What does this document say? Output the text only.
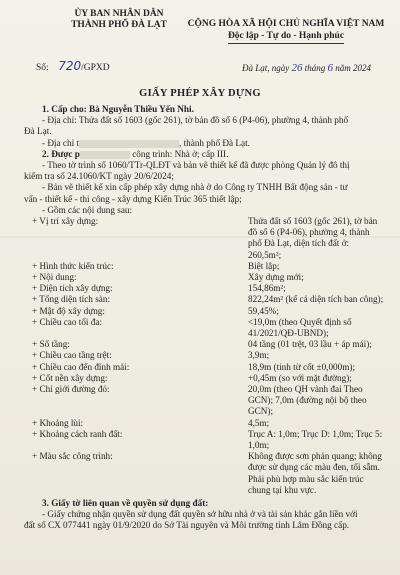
ỦY BAN NHÂN DÂN
THÀNH PHỐ ĐÀ LẠT	CỘNG HÒA XÃ HỘI CHỦ NGHĨA VIỆT NAM
Độc lập - Tự do - Hạnh phúc
Số: 720/GPXD	Đà Lạt, ngày 26 tháng 6 năm 2024
GIẤY PHÉP XÂY DỰNG
1. Cấp cho: Bà Nguyễn Thiều Yến Nhi.
- Địa chỉ: Thửa đất số 1603 (gốc 261), tờ bản đồ số 6 (P4-06), phường 4, thành phố
Đà Lạt.
- Địa chỉ t	, thành phố Đà Lạt.
2. Được p	công trình: Nhà ở; cấp III.
- Theo tờ trình số 1060/TTr-QLĐT và bản vẽ thiết kế đã được phòng Quản lý đô thị
kiểm tra số 24.1060/KT ngày 20/6/2024;
- Bản vẽ thiết kế xin cấp phép xây dựng nhà ở do Công ty TNHH Bất động sản - tư
vấn - thiết kế - thi công - xây dựng Kiến Trúc 365 thiết lập;
- Gồm các nội dung sau:
+ Vị trí xây dựng:	Thửa đất số 1603 (gốc 261), tờ bản đồ số 6 (P4-06), phường 4, thành phố Đà Lạt, diện tích đất ở: 260,5m²;
+ Hình thức kiến trúc:	Biệt lập;
+ Nội dung:	Xây dựng mới;
+ Diện tích xây dựng:	154,86m²;
+ Tổng diện tích sàn:	822,24m² (kể cả diện tích ban công);
+ Mật độ xây dựng:	59,45%;
+ Chiều cao tối đa:	<19,0m (theo Quyết định số 41/2021/QĐ-UBND);
+ Số tầng:	04 tầng (01 trệt, 03 lầu + áp mái);
+ Chiều cao tầng trệt:	3,9m;
+ Chiều cao đến đỉnh mái:	18,9m (tính từ cốt ±0,000m);
+ Cốt nền xây dựng:	+0,45m (so với mặt đường);
+ Chỉ giới đường đỏ:	20,0m (theo QH vành đai Theo GCN); 7,0m (đường nội bộ theo GCN);
+ Khoảng lùi:	4,5m;
+ Khoảng cách ranh đất:	Trục A: 1,0m; Trục D: 1,0m; Trục 5: 1,0m;
+ Màu sắc công trình:	Không được sơn phản quang; không được sử dụng các màu đen, tối sẫm. Phải phù hợp màu sắc kiến trúc chung tại khu vực.
3. Giấy tờ liên quan về quyền sử dụng đất:
- Giấy chứng nhận quyền sử dụng đất quyền sở hữu nhà ở và tài sản khác gắn liền với
đất số CX 077441 ngày 01/9/2020 do Sở Tài nguyên và Môi trường tỉnh Lâm Đồng cấp.
